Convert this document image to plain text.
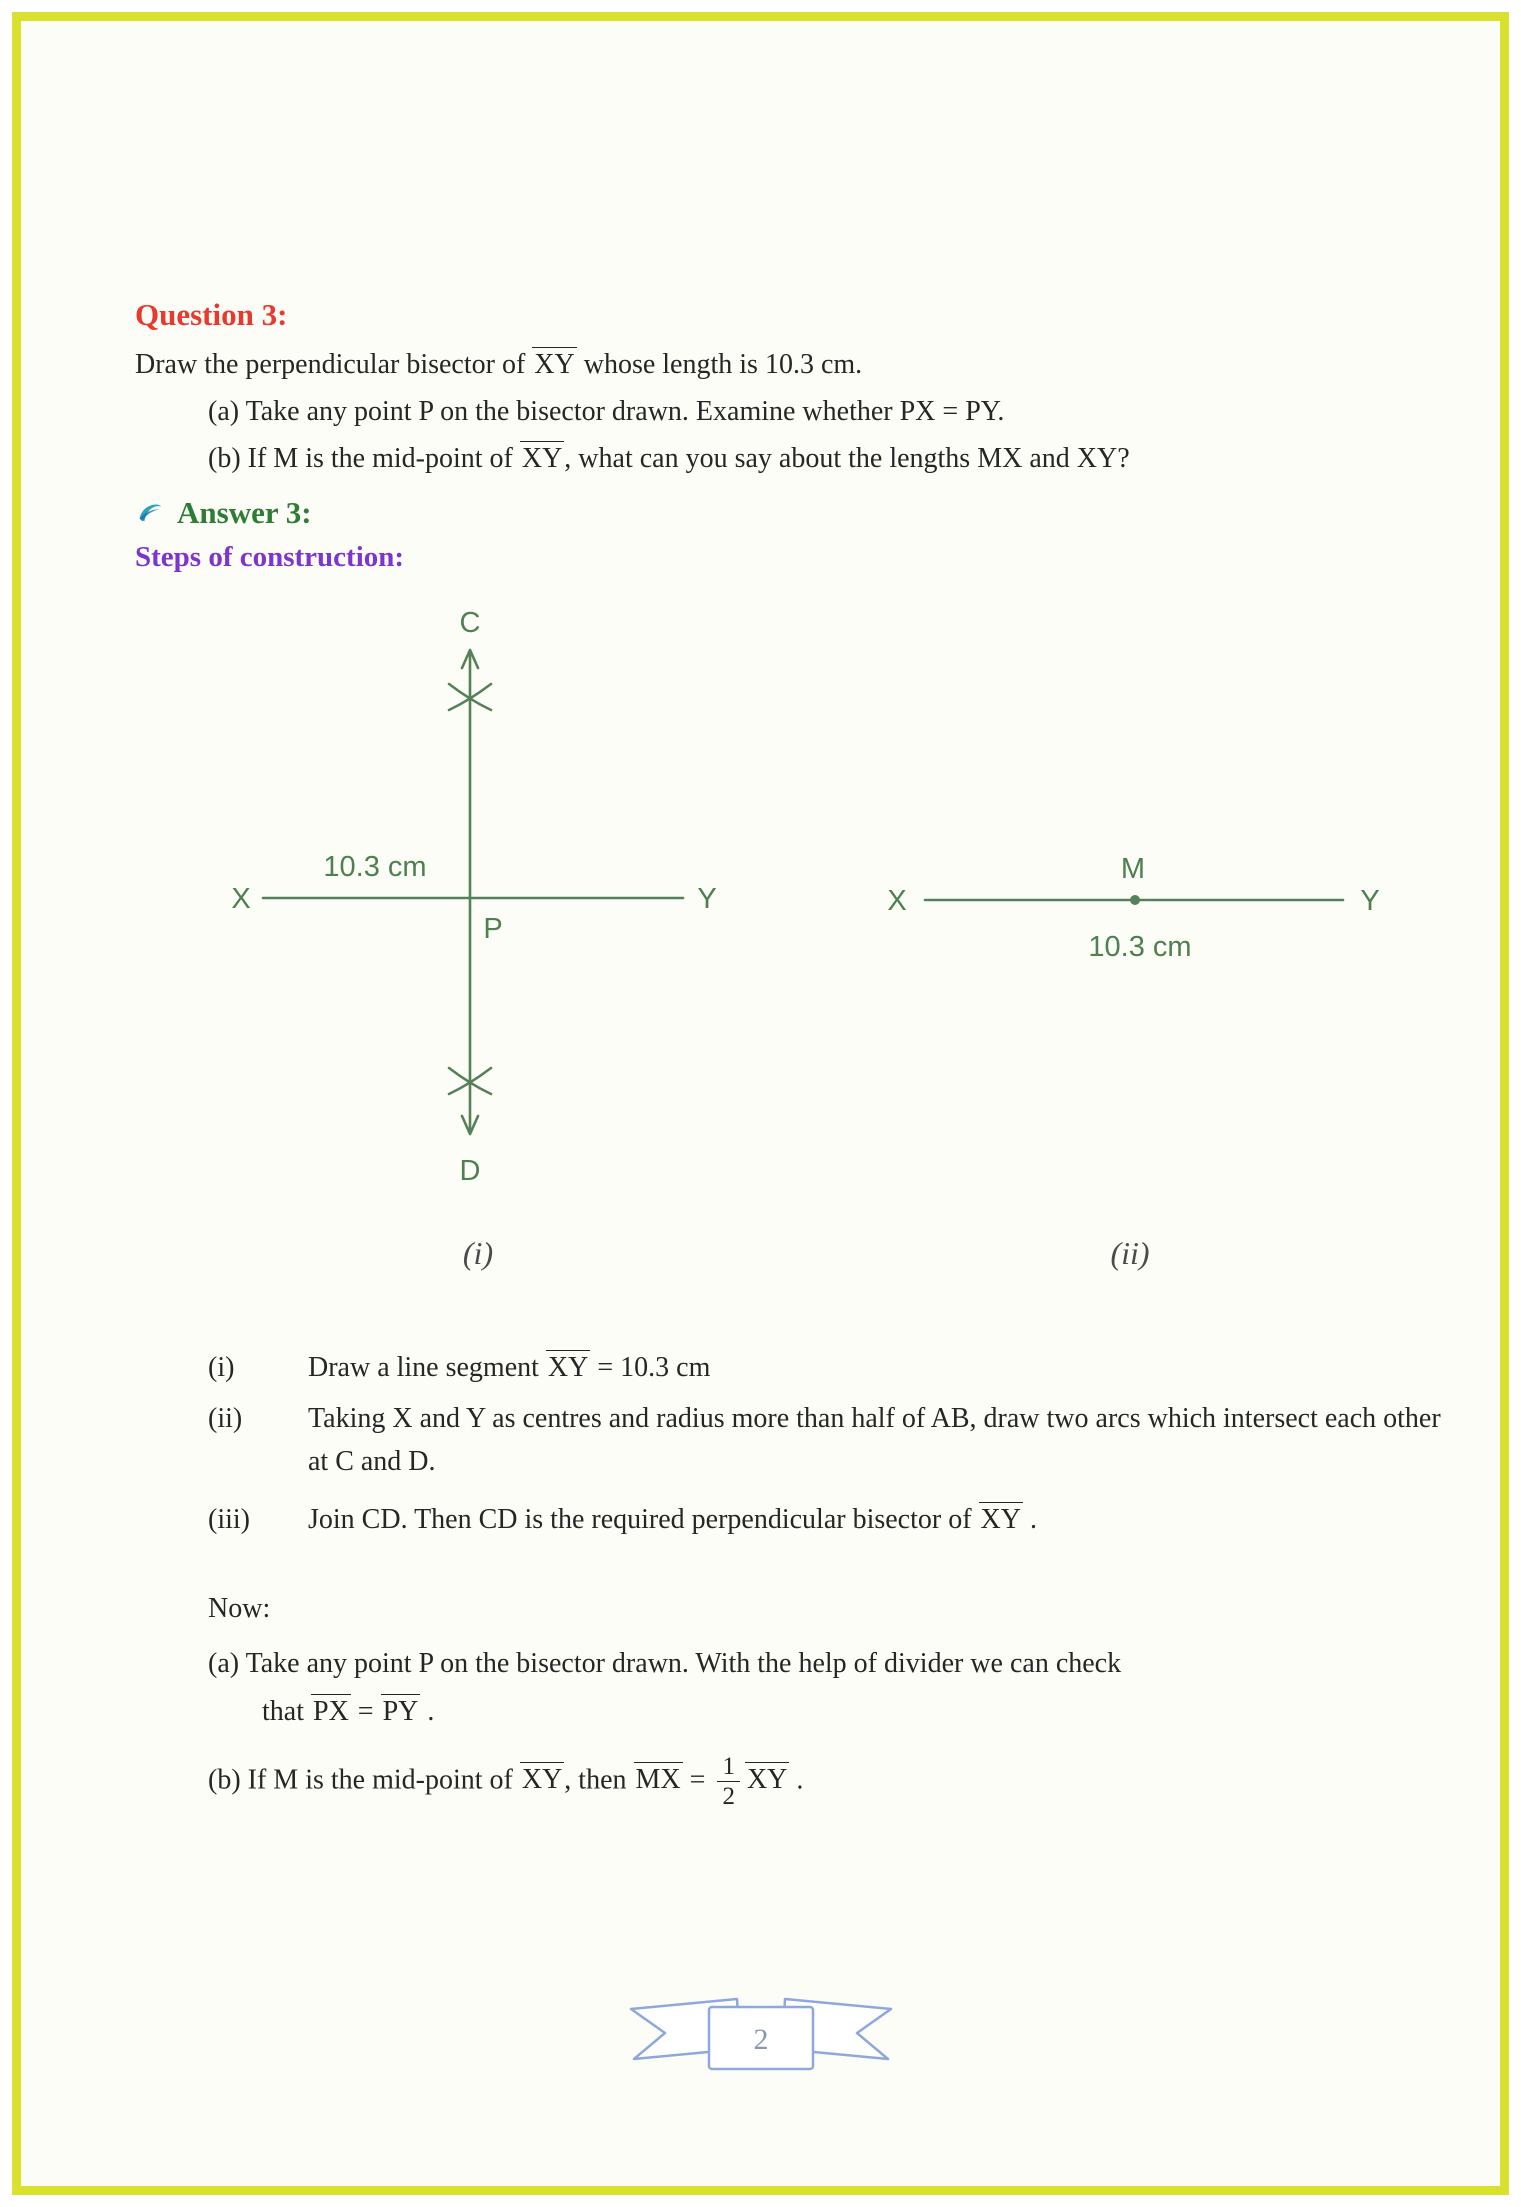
Question 3:

Draw the perpendicular bisector of XY whose length is 10.3 cm.

(a) Take any point P on the bisector drawn. Examine whether PX = PY.

(b) If M is the mid-point of XY, what can you say about the lengths MX and XY?

Answer 3:
Steps of construction:
C
D
X	Y
P
10.3 cm
X	Y
M
10.3 cm
(i)	(ii)
(i)	Draw a line segment XY = 10.3 cm
(ii)	Taking X and Y as centres and radius more than half of AB, draw two arcs which intersect each other at C and D.
(iii)	Join CD. Then CD is the required perpendicular bisector of XY .

Now:

(a) Take any point P on the bisector drawn. With the help of divider we can check

that PX = PY .

(b) If M is the mid-point of XY, then MX = $\frac{1}{2}$ XY .

2
